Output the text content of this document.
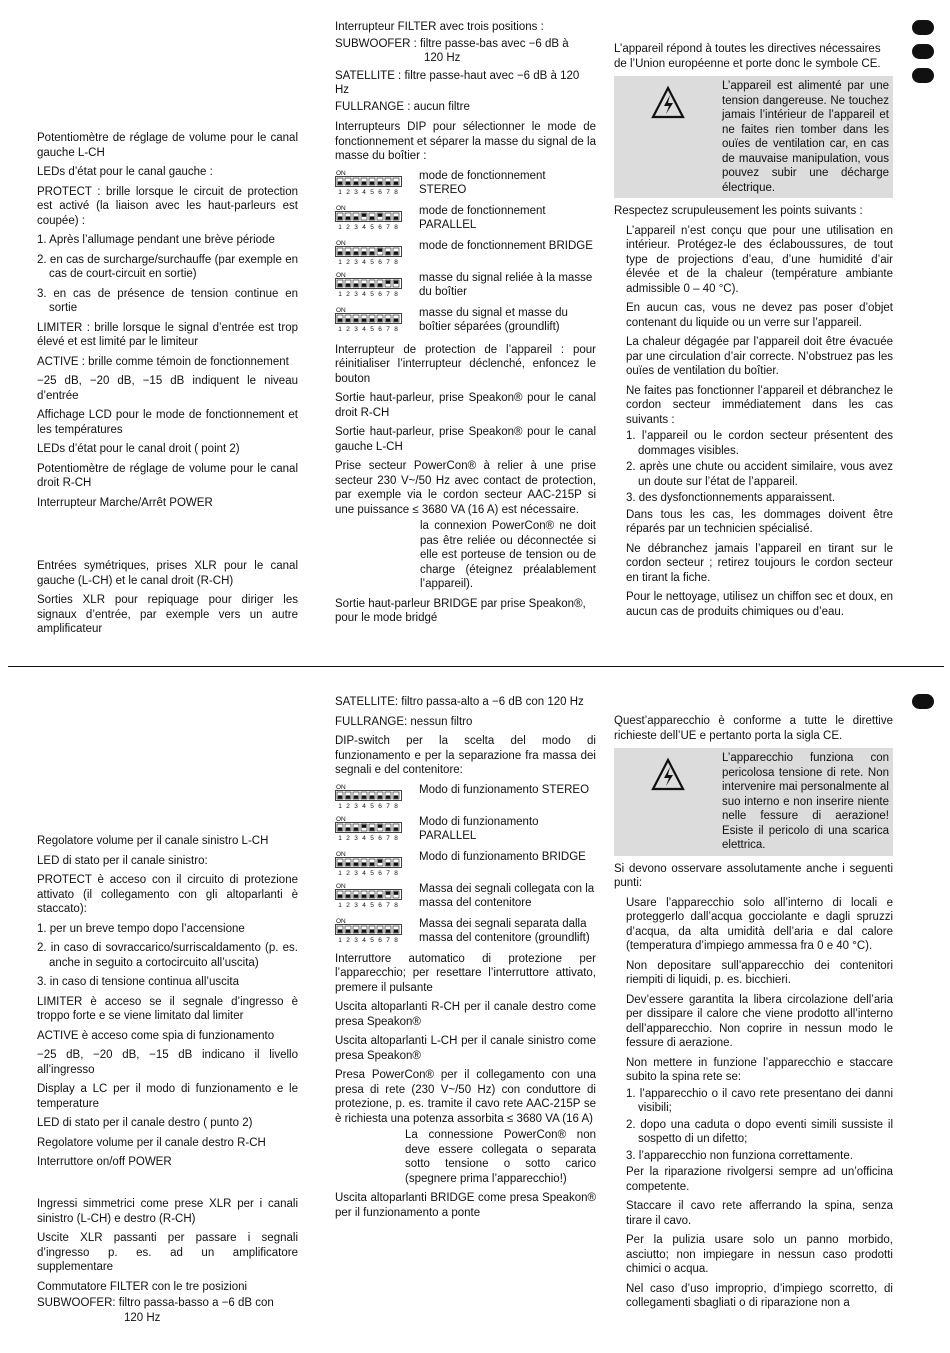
Potentiomètre de réglage de volume pour le canal gauche L-CH

LEDs d’état pour le canal gauche :

PROTECT : brille lorsque le circuit de protection est activé (la liaison avec les haut-parleurs est coupée) :

1. Après l’allumage pendant une brève période

2. en cas de surcharge/surchauffe (par exemple en cas de court-circuit en sortie)

3. en cas de présence de tension continue en sortie

LIMITER : brille lorsque le signal d’entrée est trop élevé et est limité par le limiteur

ACTIVE : brille comme témoin de fonctionnement

−25 dB, −20 dB, −15 dB indiquent le niveau d’entrée

Affichage LCD pour le mode de fonctionnement et les températures

LEDs d’état pour le canal droit ( point 2)

Potentiomètre de réglage de volume pour le canal droit R-CH

Interrupteur Marche/Arrêt POWER

Entrées symétriques, prises XLR pour le canal gauche (L-CH) et le canal droit (R-CH)

Sorties XLR pour repiquage pour diriger les signaux d’entrée, par exemple vers un autre amplificateur

Interrupteur FILTER avec trois positions :

SUBWOOFER : filtre passe-bas avec −6 dB à

120 Hz

SATELLITE : filtre passe-haut avec −6 dB à 120 Hz

FULLRANGE : aucun filtre

Interrupteurs DIP pour sélectionner le mode de fonctionnement et séparer la masse du signal de la masse du boîtier :

ON
1 2 3 4 5 6 7 8
mode de fonctionnement STEREO
ON
1 2 3 4 5 6 7 8
mode de fonctionnement PARALLEL
ON
1 2 3 4 5 6 7 8
mode de fonctionnement BRIDGE
ON
1 2 3 4 5 6 7 8
masse du signal reliée à la masse du boîtier
ON
1 2 3 4 5 6 7 8
masse du signal et masse du boîtier séparées (groundlift)

Interrupteur de protection de l’appareil : pour réinitialiser l’interrupteur déclenché, enfoncez le bouton

Sortie haut-parleur, prise Speakon® pour le canal droit R-CH

Sortie haut-parleur, prise Speakon® pour le canal gauche L-CH

Prise secteur PowerCon® à relier à une prise secteur 230 V~/50 Hz avec contact de protection, par exemple via le cordon secteur AAC-215P si une puissance ≤ 3680 VA (16 A) est nécessaire.

la connexion PowerCon® ne doit pas être reliée ou déconnectée si elle est porteuse de tension ou de charge (éteignez préalablement l’appareil).

Sortie haut-parleur BRIDGE par prise Speakon®, pour le mode bridgé

L’appareil répond à toutes les directives nécessaires de l’Union européenne et porte donc le symbole CE.

L’appareil est alimenté par une tension dangereuse. Ne touchez jamais l’intérieur de l’appareil et ne faites rien tomber dans les ouïes de ventilation car, en cas de mauvaise manipulation, vous pouvez subir une décharge électrique.

Respectez scrupuleusement les points suivants :

L’appareil n’est conçu que pour une utilisation en intérieur. Protégez-le des éclaboussures, de tout type de projections d’eau, d’une humidité d’air élevée et de la chaleur (température ambiante admissible 0 – 40 °C).

En aucun cas, vous ne devez pas poser d’objet contenant du liquide ou un verre sur l’appareil.

La chaleur dégagée par l’appareil doit être évacuée par une circulation d’air correcte. N’obstruez pas les ouïes de ventilation du boîtier.

Ne faites pas fonctionner l’appareil et débranchez le cordon secteur immédiatement dans les cas suivants :

1. l’appareil ou le cordon secteur présentent des dommages visibles.

2. après une chute ou accident similaire, vous avez un doute sur l’état de l’appareil.

3. des dysfonctionnements apparaissent.

Dans tous les cas, les dommages doivent être réparés par un technicien spécialisé.

Ne débranchez jamais l’appareil en tirant sur le cordon secteur ; retirez toujours le cordon secteur en tirant la fiche.

Pour le nettoyage, utilisez un chiffon sec et doux, en aucun cas de produits chimiques ou d’eau.

Regolatore volume per il canale sinistro L-CH

LED di stato per il canale sinistro:

PROTECT è acceso con il circuito di protezione attivato (il collegamento con gli altoparlanti è staccato):

1. per un breve tempo dopo l’accensione

2. in caso di sovraccarico/surriscaldamento (p. es. anche in seguito a cortocircuito all’uscita)

3. in caso di tensione continua all’uscita

LIMITER è acceso se il segnale d’ingresso è troppo forte e se viene limitato dal limiter

ACTIVE è acceso come spia di funzionamento

−25 dB, −20 dB, −15 dB indicano il livello all’ingresso

Display a LC per il modo di funzionamento e le temperature

LED di stato per il canale destro ( punto 2)

Regolatore volume per il canale destro R-CH

Interruttore on/off POWER

Ingressi simmetrici come prese XLR per i canali sinistro (L-CH) e destro (R-CH)

Uscite XLR passanti per passare i segnali d’ingresso p. es. ad un amplificatore supplementare

Commutatore FILTER con le tre posizioni

SUBWOOFER: filtro passa-basso a −6 dB con

120 Hz

SATELLITE: filtro passa-alto a −6 dB con 120 Hz

FULLRANGE: nessun filtro

DIP-switch per la scelta del modo di funzionamento e per la separazione fra massa dei segnali e del contenitore:

ON
1 2 3 4 5 6 7 8
Modo di funzionamento STEREO
ON
1 2 3 4 5 6 7 8
Modo di funzionamento PARALLEL
ON
1 2 3 4 5 6 7 8
Modo di funzionamento BRIDGE
ON
1 2 3 4 5 6 7 8
Massa dei segnali collegata con la massa del contenitore
ON
1 2 3 4 5 6 7 8
Massa dei segnali separata dalla massa del contenitore (groundlift)

Interruttore automatico di protezione per l’apparecchio; per resettare l’interruttore attivato, premere il pulsante

Uscita altoparlanti R-CH per il canale destro come presa Speakon®

Uscita altoparlanti L-CH per il canale sinistro come presa Speakon®

Presa PowerCon® per il collegamento con una presa di rete (230 V~/50 Hz) con conduttore di protezione, p. es. tramite il cavo rete AAC-215P se è richiesta una potenza assorbita ≤ 3680 VA (16 A)

La connessione PowerCon® non deve essere collegata o separata sotto tensione o sotto carico (spegnere prima l’apparecchio!)

Uscita altoparlanti BRIDGE come presa Speakon® per il funzionamento a ponte

Quest’apparecchio è conforme a tutte le direttive richieste dell’UE e pertanto porta la sigla CE.

L’apparecchio funziona con pericolosa tensione di rete. Non intervenire mai personalmente al suo interno e non inserire niente nelle fessure di aerazione! Esiste il pericolo di una scarica elettrica.

Si devono osservare assolutamente anche i seguenti punti:

Usare l’apparecchio solo all’interno di locali e proteggerlo dall’acqua gocciolante e dagli spruzzi d’acqua, da alta umidità dell’aria e dal calore (temperatura d’impiego ammessa fra 0 e 40 °C).

Non depositare sull’apparecchio dei contenitori riempiti di liquidi, p. es. bicchieri.

Dev’essere garantita la libera circolazione dell’aria per dissipare il calore che viene prodotto all’interno dell’apparecchio. Non coprire in nessun modo le fessure di aerazione.

Non mettere in funzione l’apparecchio e staccare subito la spina rete se:

1. l’apparecchio o il cavo rete presentano dei danni visibili;

2. dopo una caduta o dopo eventi simili sussiste il sospetto di un difetto;

3. l’apparecchio non funziona correttamente.

Per la riparazione rivolgersi sempre ad un’officina competente.

Staccare il cavo rete afferrando la spina, senza tirare il cavo.

Per la pulizia usare solo un panno morbido, asciutto; non impiegare in nessun caso prodotti chimici o acqua.

Nel caso d’uso improprio, d’impiego scorretto, di collegamenti sbagliati o di riparazione non a
